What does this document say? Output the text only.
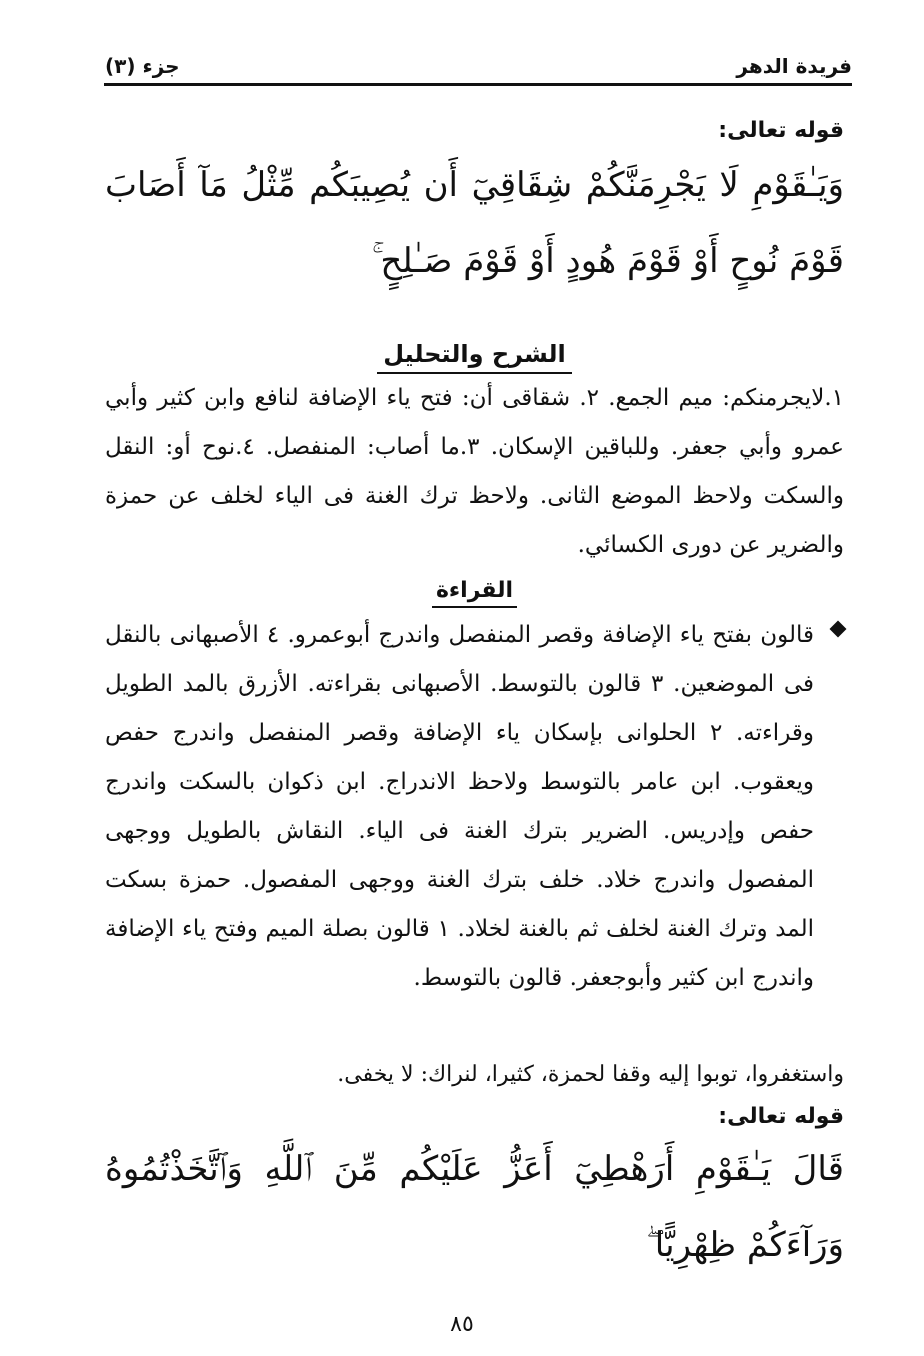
فريدة الدهر
جزء (٣)
قوله تعالى:
وَيَـٰقَوْمِ لَا يَجْرِمَنَّكُمْ شِقَاقِيٓ أَن يُصِيبَكُم مِّثْلُ مَآ أَصَابَ قَوْمَ نُوحٍ أَوْ قَوْمَ هُودٍ أَوْ قَوْمَ صَـٰلِحٍ ۚ
الشرح والتحليل
١.لايجرمنكم: ميم الجمع. ٢. شقاقى أن: فتح ياء الإضافة لنافع وابن كثير وأبي عمرو وأبي جعفر. وللباقين الإسكان. ٣.ما أصاب: المنفصل. ٤.نوح أو: النقل والسكت ولاحظ الموضع الثانى. ولاحظ ترك الغنة فى الياء لخلف عن حمزة والضرير عن دورى الكسائي.
القراءة
قالون بفتح ياء الإضافة وقصر المنفصل واندرج أبوعمرو. ٤ الأصبهانى بالنقل فى الموضعين. ٣ قالون بالتوسط. الأصبهانى بقراءته. الأزرق بالمد الطويل وقراءته. ٢ الحلوانى بإسكان ياء الإضافة وقصر المنفصل واندرج حفص ويعقوب. ابن عامر بالتوسط ولاحظ الاندراج. ابن ذكوان بالسكت واندرج حفص وإدريس. الضرير بترك الغنة فى الياء. النقاش بالطويل ووجهى المفصول واندرج خلاد. خلف بترك الغنة ووجهى المفصول. حمزة بسكت المد وترك الغنة لخلف ثم بالغنة لخلاد. ١ قالون بصلة الميم وفتح ياء الإضافة واندرج ابن كثير وأبوجعفر. قالون بالتوسط.
واستغفروا، توبوا إليه وقفا لحمزة، كثيرا، لنراك: لا يخفى.
قوله تعالى:
قَالَ يَـٰقَوْمِ أَرَهْطِيٓ أَعَزُّ عَلَيْكُم مِّنَ ٱللَّهِ وَٱتَّخَذْتُمُوهُ وَرَآءَكُمْ ظِهْرِيًّا ۖ
٨٥
